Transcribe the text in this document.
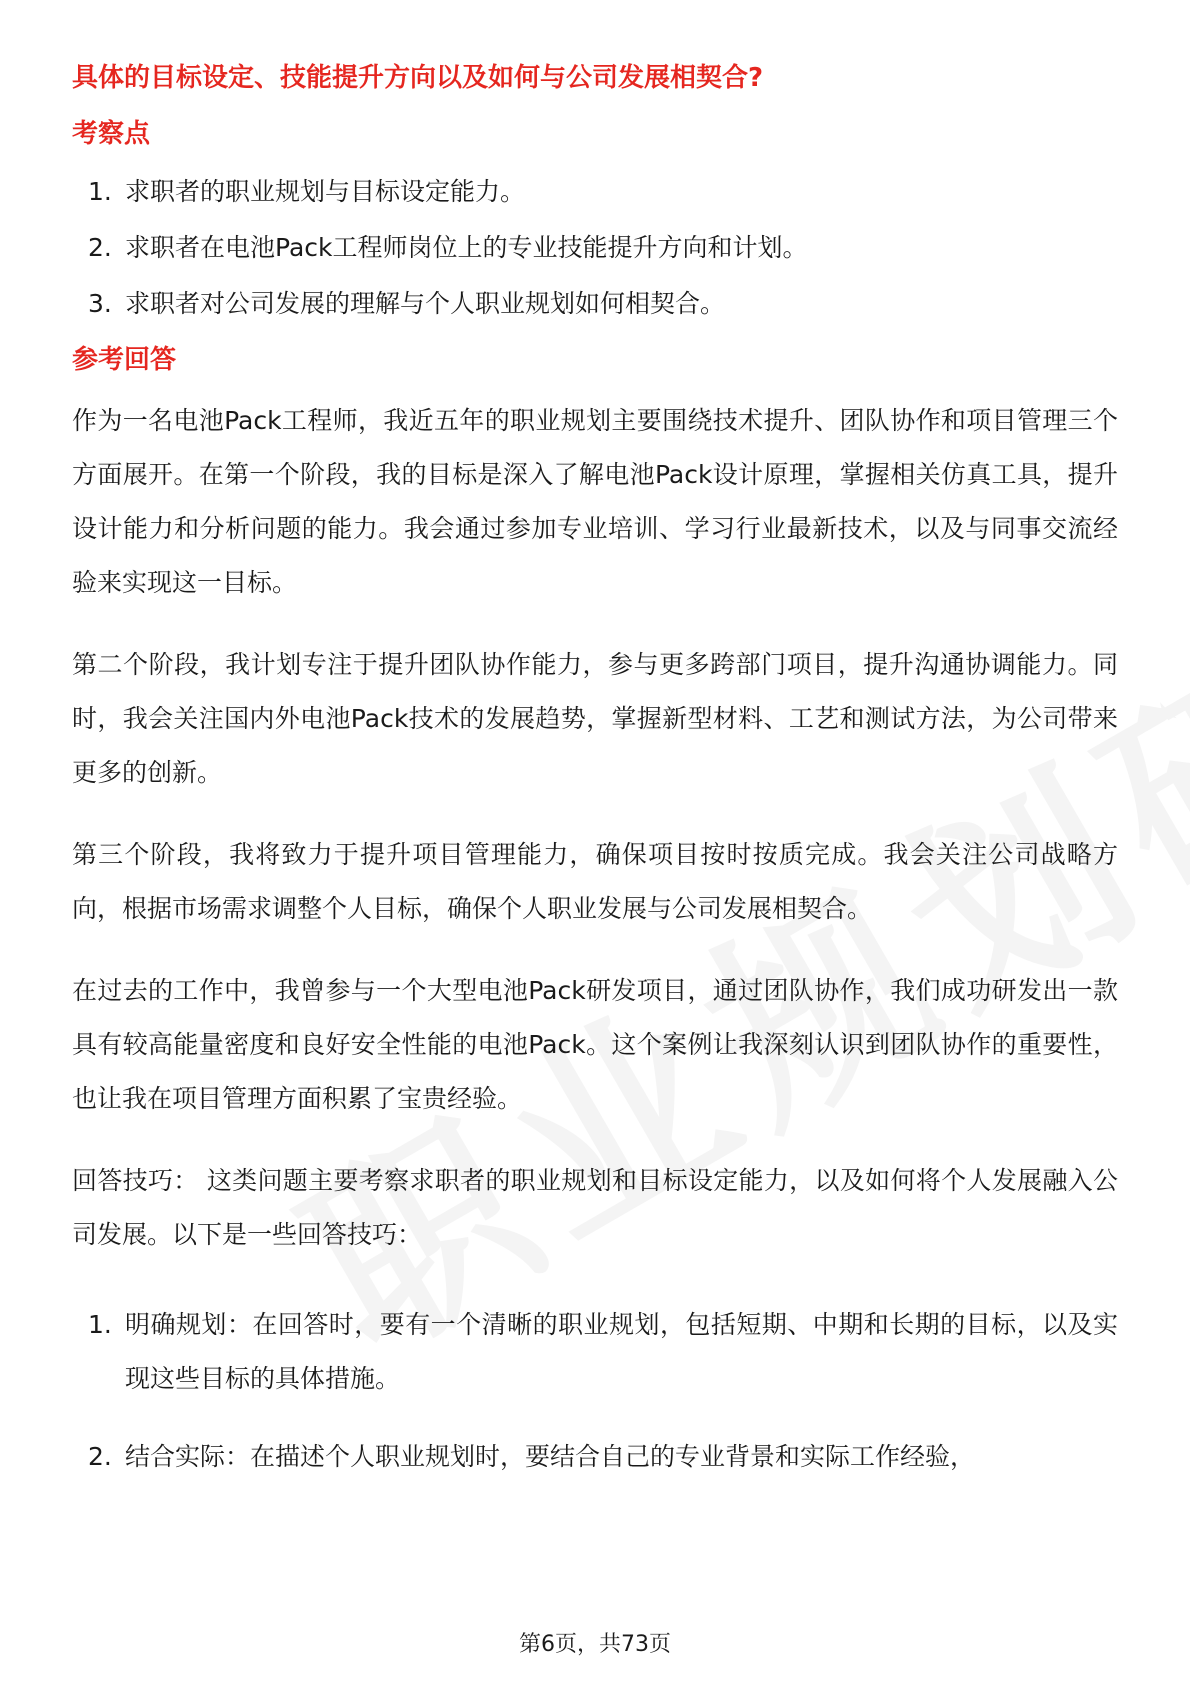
具体的目标设定、技能提升方向以及如何与公司发展相契合?
考察点
1. 求职者的职业规划与目标设定能力。
2. 求职者在电池Pack工程师岗位上的专业技能提升方向和计划。
3. 求职者对公司发展的理解与个人职业规划如何相契合。
参考回答

作为一名电池Pack工程师，我近五年的职业规划主要围绕技术提升、团队协作和项目管理三个方面展开。在第一个阶段，我的目标是深入了解电池Pack设计原理，掌握相关仿真工具，提升设计能力和分析问题的能力。我会通过参加专业培训、学习行业最新技术，以及与同事交流经验来实现这一目标。

第二个阶段，我计划专注于提升团队协作能力，参与更多跨部门项目，提升沟通协调能力。同时，我会关注国内外电池Pack技术的发展趋势，掌握新型材料、工艺和测试方法，为公司带来更多的创新。

第三个阶段，我将致力于提升项目管理能力，确保项目按时按质完成。我会关注公司战略方向，根据市场需求调整个人目标，确保个人职业发展与公司发展相契合。

在过去的工作中，我曾参与一个大型电池Pack研发项目，通过团队协作，我们成功研发出一款具有较高能量密度和良好安全性能的电池Pack。这个案例让我深刻认识到团队协作的重要性，也让我在项目管理方面积累了宝贵经验。

回答技巧： 这类问题主要考察求职者的职业规划和目标设定能力，以及如何将个人发展融入公司发展。以下是一些回答技巧：

1. 明确规划：在回答时，要有一个清晰的职业规划，包括短期、中期和长期的目标，以及实现这些目标的具体措施。
2. 结合实际：在描述个人职业规划时，要结合自己的专业背景和实际工作经验，
第6页，共73页
